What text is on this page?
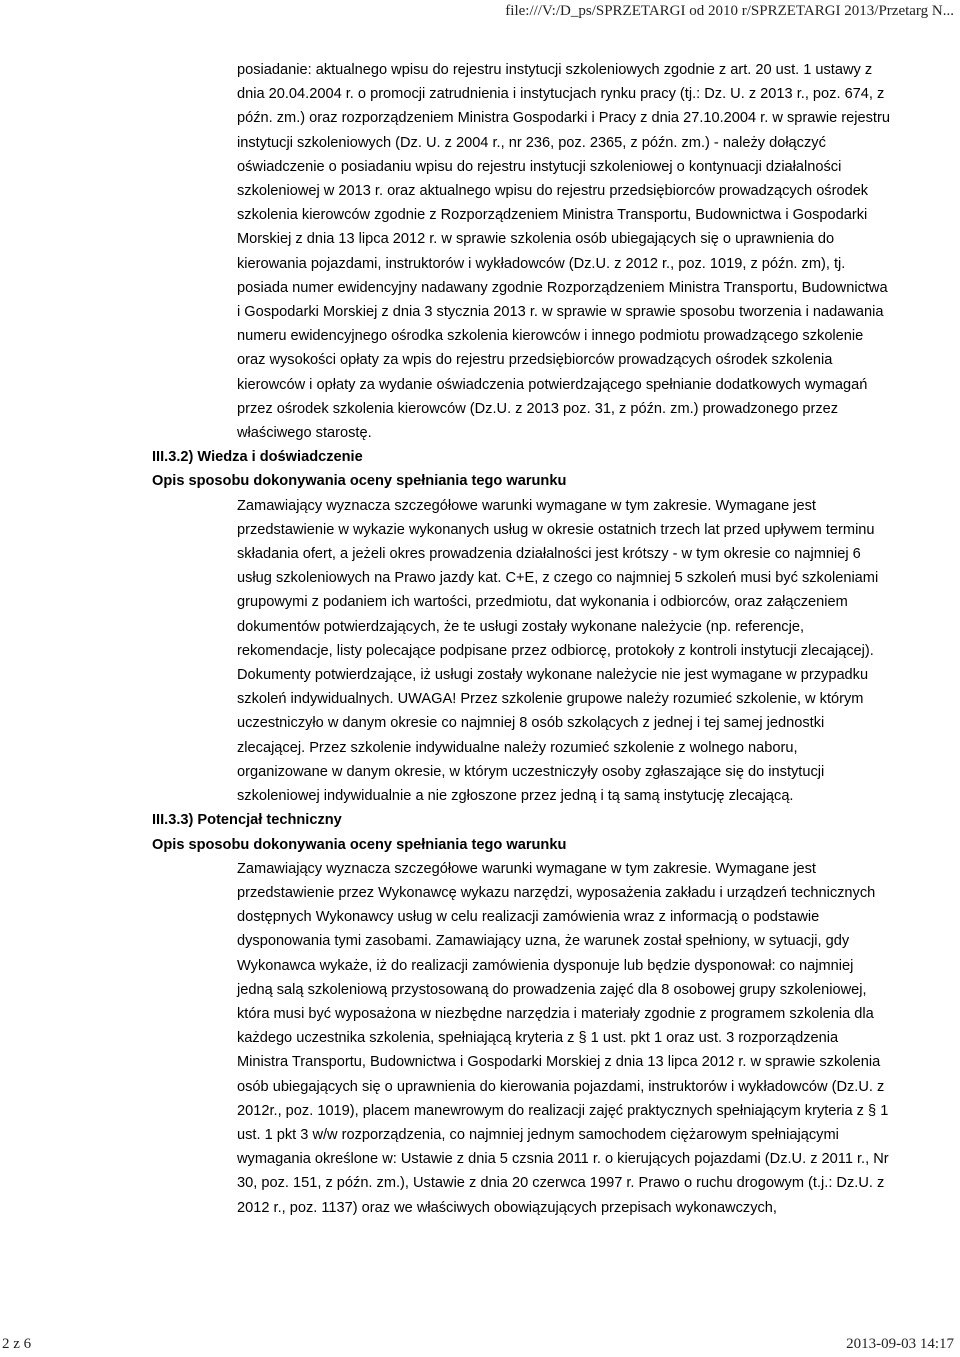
file:///V:/D_ps/SPRZETARGI od 2010 r/SPRZETARGI 2013/Przetarg N...
posiadanie: aktualnego wpisu do rejestru instytucji szkoleniowych zgodnie z art. 20 ust. 1 ustawy z dnia 20.04.2004 r. o promocji zatrudnienia i instytucjach rynku pracy (tj.: Dz. U. z 2013 r., poz. 674, z późn. zm.) oraz rozporządzeniem Ministra Gospodarki i Pracy z dnia 27.10.2004 r. w sprawie rejestru instytucji szkoleniowych (Dz. U. z 2004 r., nr 236, poz. 2365, z późn. zm.) - należy dołączyć oświadczenie o posiadaniu wpisu do rejestru instytucji szkoleniowej o kontynuacji działalności szkoleniowej w 2013 r. oraz aktualnego wpisu do rejestru przedsiębiorców prowadzących ośrodek szkolenia kierowców zgodnie z Rozporządzeniem Ministra Transportu, Budownictwa i Gospodarki Morskiej z dnia 13 lipca 2012 r. w sprawie szkolenia osób ubiegających się o uprawnienia do kierowania pojazdami, instruktorów i wykładowców (Dz.U. z 2012 r., poz. 1019, z późn. zm), tj. posiada numer ewidencyjny nadawany zgodnie Rozporządzeniem Ministra Transportu, Budownictwa i Gospodarki Morskiej z dnia 3 stycznia 2013 r. w sprawie w sprawie sposobu tworzenia i nadawania numeru ewidencyjnego ośrodka szkolenia kierowców i innego podmiotu prowadzącego szkolenie oraz wysokości opłaty za wpis do rejestru przedsiębiorców prowadzących ośrodek szkolenia kierowców i opłaty za wydanie oświadczenia potwierdzającego spełnianie dodatkowych wymagań przez ośrodek szkolenia kierowców (Dz.U. z 2013 poz. 31, z późn. zm.) prowadzonego przez właściwego starostę.
III.3.2) Wiedza i doświadczenie
Opis sposobu dokonywania oceny spełniania tego warunku
Zamawiający wyznacza szczegółowe warunki wymagane w tym zakresie. Wymagane jest przedstawienie w wykazie wykonanych usług w okresie ostatnich trzech lat przed upływem terminu składania ofert, a jeżeli okres prowadzenia działalności jest krótszy - w tym okresie co najmniej 6 usług szkoleniowych na Prawo jazdy kat. C+E, z czego co najmniej 5 szkoleń musi być szkoleniami grupowymi z podaniem ich wartości, przedmiotu, dat wykonania i odbiorców, oraz załączeniem dokumentów potwierdzających, że te usługi zostały wykonane należycie (np. referencje, rekomendacje, listy polecające podpisane przez odbiorcę, protokoły z kontroli instytucji zlecającej). Dokumenty potwierdzające, iż usługi zostały wykonane należycie nie jest wymagane w przypadku szkoleń indywidualnych. UWAGA! Przez szkolenie grupowe należy rozumieć szkolenie, w którym uczestniczyło w danym okresie co najmniej 8 osób szkolących z jednej i tej samej jednostki zlecającej. Przez szkolenie indywidualne należy rozumieć szkolenie z wolnego naboru, organizowane w danym okresie, w którym uczestniczyły osoby zgłaszające się do instytucji szkoleniowej indywidualnie a nie zgłoszone przez jedną i tą samą instytucję zlecającą.
III.3.3) Potencjał techniczny
Opis sposobu dokonywania oceny spełniania tego warunku
Zamawiający wyznacza szczegółowe warunki wymagane w tym zakresie. Wymagane jest przedstawienie przez Wykonawcę wykazu narzędzi, wyposażenia zakładu i urządzeń technicznych dostępnych Wykonawcy usług w celu realizacji zamówienia wraz z informacją o podstawie dysponowania tymi zasobami. Zamawiający uzna, że warunek został spełniony, w sytuacji, gdy Wykonawca wykaże, iż do realizacji zamówienia dysponuje lub będzie dysponował: co najmniej jedną salą szkoleniową przystosowaną do prowadzenia zajęć dla 8 osobowej grupy szkoleniowej, która musi być wyposażona w niezbędne narzędzia i materiały zgodnie z programem szkolenia dla każdego uczestnika szkolenia, spełniającą kryteria z § 1 ust. pkt 1 oraz ust. 3 rozporządzenia Ministra Transportu, Budownictwa i Gospodarki Morskiej z dnia 13 lipca 2012 r. w sprawie szkolenia osób ubiegających się o uprawnienia do kierowania pojazdami, instruktorów i wykładowców (Dz.U. z 2012r., poz. 1019), placem manewrowym do realizacji zajęć praktycznych spełniającym kryteria z § 1 ust. 1 pkt 3 w/w rozporządzenia, co najmniej jednym samochodem ciężarowym spełniającymi wymagania określone w: Ustawie z dnia 5 czsnia 2011 r. o kierujących pojazdami (Dz.U. z 2011 r., Nr 30, poz. 151, z późn. zm.), Ustawie z dnia 20 czerwca 1997 r. Prawo o ruchu drogowym (t.j.: Dz.U. z 2012 r., poz. 1137) oraz we właściwych obowiązujących przepisach wykonawczych,
2 z 6	2013-09-03 14:17
